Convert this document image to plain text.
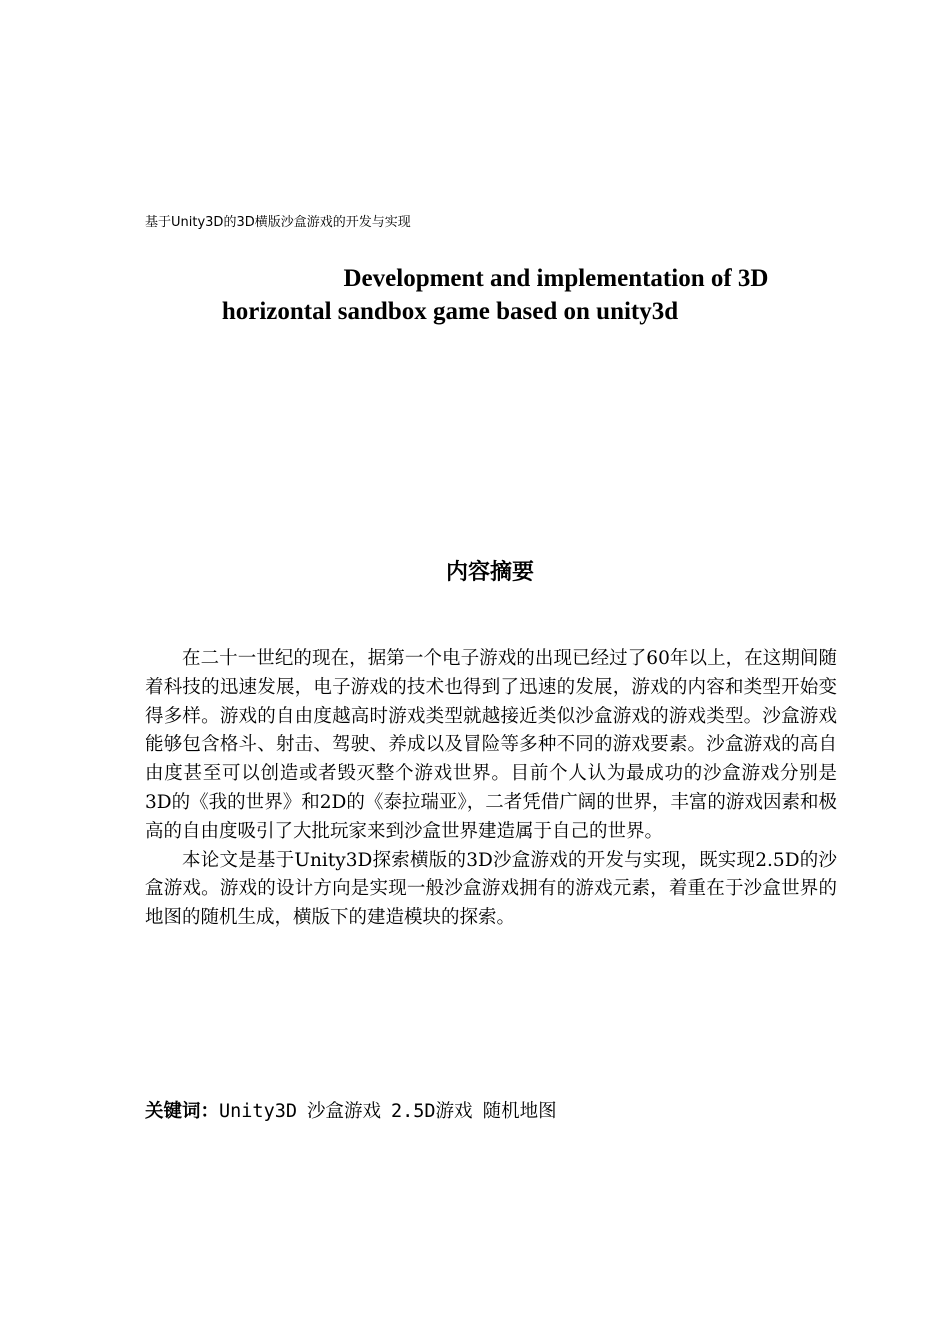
基于Unity3D的3D横版沙盒游戏的开发与实现
Development and implementation of 3D
horizontal sandbox game based on unity3d
内容摘要

在二十一世纪的现在，据第一个电子游戏的出现已经过了60年以上，在这期间随着科技的迅速发展，电子游戏的技术也得到了迅速的发展，游戏的内容和类型开始变得多样。游戏的自由度越高时游戏类型就越接近类似沙盒游戏的游戏类型。沙盒游戏能够包含格斗、射击、驾驶、养成以及冒险等多种不同的游戏要素。沙盒游戏的高自由度甚至可以创造或者毁灭整个游戏世界。目前个人认为最成功的沙盒游戏分别是3D的《我的世界》和2D的《泰拉瑞亚》，二者凭借广阔的世界，丰富的游戏因素和极高的自由度吸引了大批玩家来到沙盒世界建造属于自己的世界。

本论文是基于Unity3D探索横版的3D沙盒游戏的开发与实现，既实现2.5D的沙盒游戏。游戏的设计方向是实现一般沙盒游戏拥有的游戏元素，着重在于沙盒世界的地图的随机生成，横版下的建造模块的探索。

关键词：Unity3D 沙盒游戏 2.5D游戏 随机地图
